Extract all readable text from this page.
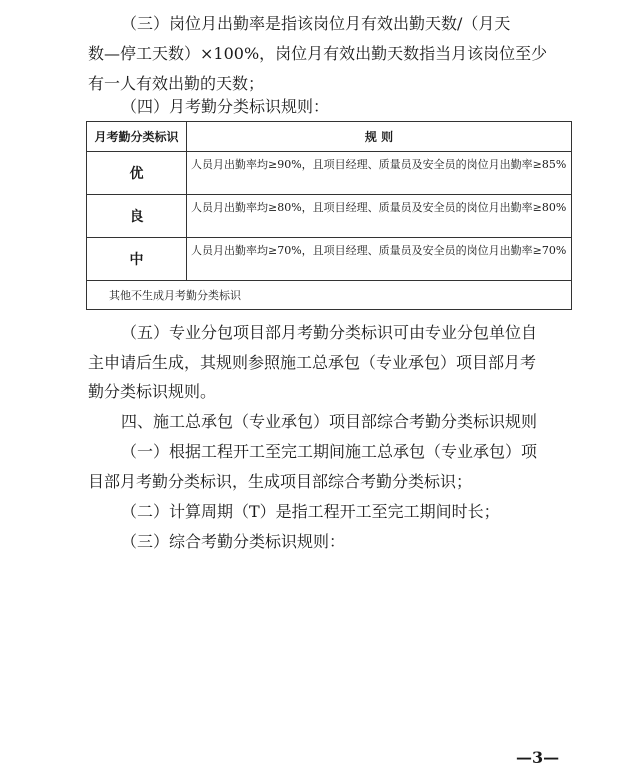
（三）岗位月出勤率是指该岗位月有效出勤天数/（月天
数—停工天数）×100%，岗位月有效出勤天数指当月该岗位至少
有一人有效出勤的天数；
（四）月考勤分类标识规则：
月考勤分类标识	规 则
优	人员月出勤率均≥90%，且项目经理、质量员及安全员的岗位月出勤率≥85%
良	人员月出勤率均≥80%，且项目经理、质量员及安全员的岗位月出勤率≥80%
中	人员月出勤率均≥70%，且项目经理、质量员及安全员的岗位月出勤率≥70%
其他不生成月考勤分类标识	
（五）专业分包项目部月考勤分类标识可由专业分包单位自
主申请后生成，其规则参照施工总承包（专业承包）项目部月考
勤分类标识规则。
四、施工总承包（专业承包）项目部综合考勤分类标识规则
（一）根据工程开工至完工期间施工总承包（专业承包）项
目部月考勤分类标识，生成项目部综合考勤分类标识；
（二）计算周期（T）是指工程开工至完工期间时长；
（三）综合考勤分类标识规则：
—3—
